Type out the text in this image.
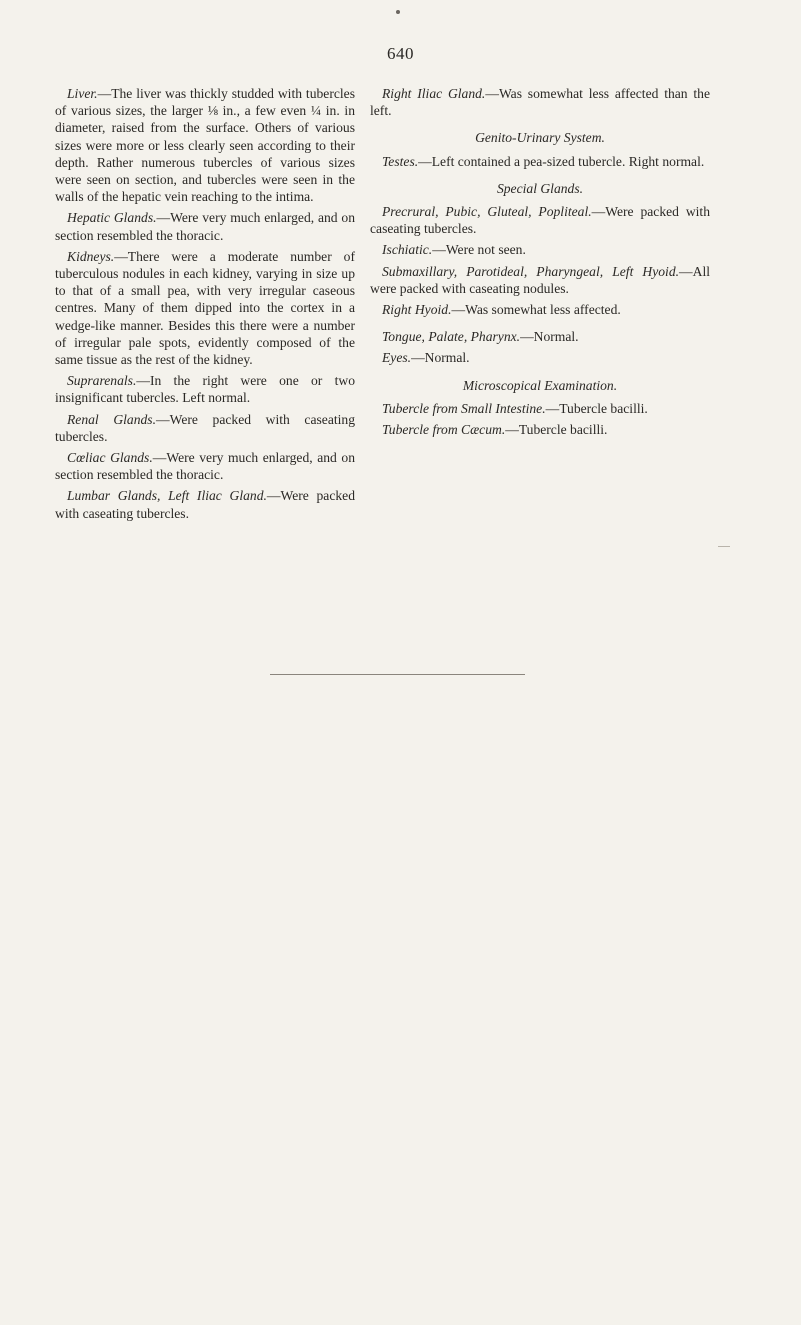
640

Liver.—The liver was thickly studded with tubercles of various sizes, the larger ⅛ in., a few even ¼ in. in diameter, raised from the surface. Others of various sizes were more or less clearly seen according to their depth. Rather numerous tubercles of various sizes were seen on section, and tubercles were seen in the walls of the hepatic vein reaching to the intima.

Hepatic Glands.—Were very much enlarged, and on section resembled the thoracic.

Kidneys.—There were a moderate number of tuberculous nodules in each kidney, varying in size up to that of a small pea, with very irregular caseous centres. Many of them dipped into the cortex in a wedge-like manner. Besides this there were a number of irregular pale spots, evidently composed of the same tissue as the rest of the kidney.

Suprarenals.—In the right were one or two insignificant tubercles. Left normal.

Renal Glands.—Were packed with caseating tubercles.

Cœliac Glands.—Were very much enlarged, and on section resembled the thoracic.

Lumbar Glands, Left Iliac Gland.—Were packed with caseating tubercles.

Right Iliac Gland.—Was somewhat less affected than the left.

Genito-Urinary System.

Testes.—Left contained a pea-sized tubercle. Right normal.

Special Glands.

Precrural, Pubic, Gluteal, Popliteal.—Were packed with caseating tubercles.

Ischiatic.—Were not seen.

Submaxillary, Parotideal, Pharyngeal, Left Hyoid.—All were packed with caseating nodules.

Right Hyoid.—Was somewhat less affected.

Tongue, Palate, Pharynx.—Normal.

Eyes.—Normal.

Microscopical Examination.

Tubercle from Small Intestine.—Tubercle bacilli.

Tubercle from Cæcum.—Tubercle bacilli.
